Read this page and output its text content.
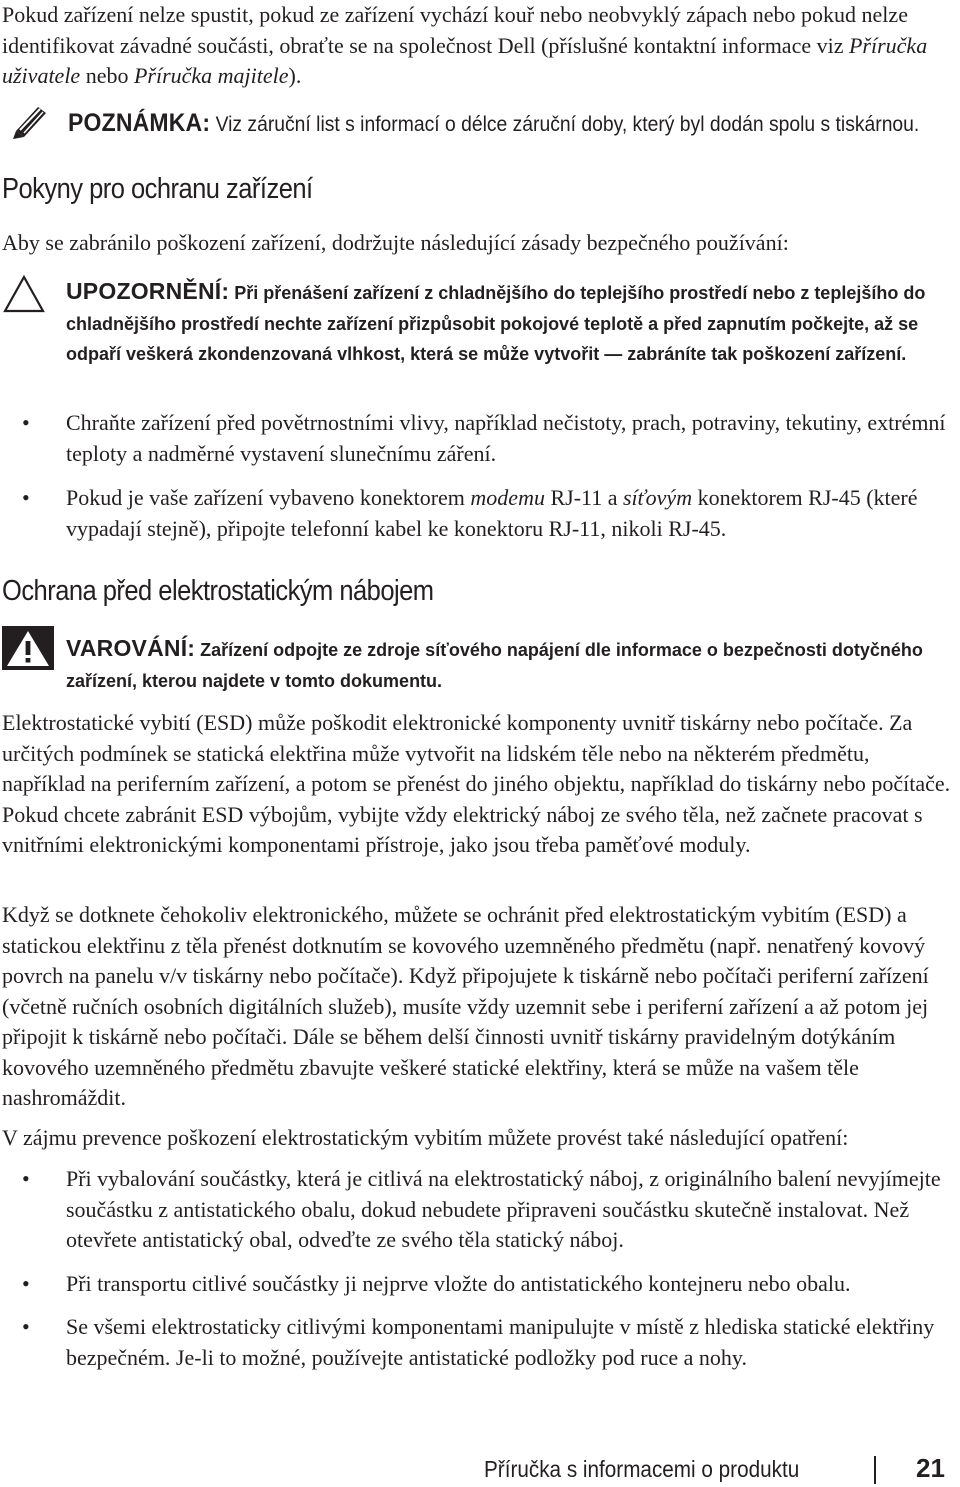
Pokud zařízení nelze spustit, pokud ze zařízení vychází kouř nebo neobvyklý zápach nebo pokud nelze identifikovat závadné součásti, obraťte se na společnost Dell (příslušné kontaktní informace viz Příručka uživatele nebo Příručka majitele).

POZNÁMKA: Viz záruční list s informací o délce záruční doby, který byl dodán spolu s tiskárnou.
Pokyny pro ochranu zařízení

Aby se zabránilo poškození zařízení, dodržujte následující zásady bezpečného používání:

UPOZORNĚNÍ: Při přenášení zařízení z chladnějšího do teplejšího prostředí nebo z teplejšího do chladnějšího prostředí nechte zařízení přizpůsobit pokojové teplotě a před zapnutím počkejte, až se odpaří veškerá zkondenzovaná vlhkost, která se může vytvořit — zabráníte tak poškození zařízení.
• Chraňte zařízení před povětrnostními vlivy, například nečistoty, prach, potraviny, tekutiny, extrémní teploty a nadměrné vystavení slunečnímu záření.
• Pokud je vaše zařízení vybaveno konektorem modemu RJ-11 a síťovým konektorem RJ-45 (které vypadají stejně), připojte telefonní kabel ke konektoru RJ-11, nikoli RJ-45.
Ochrana před elektrostatickým nábojem
VAROVÁNÍ: Zařízení odpojte ze zdroje síťového napájení dle informace o bezpečnosti dotyčného zařízení, kterou najdete v tomto dokumentu.

Elektrostatické vybití (ESD) může poškodit elektronické komponenty uvnitř tiskárny nebo počítače. Za určitých podmínek se statická elektřina může vytvořit na lidském těle nebo na některém předmětu, například na periferním zařízení, a potom se přenést do jiného objektu, například do tiskárny nebo počítače. Pokud chcete zabránit ESD výbojům, vybijte vždy elektrický náboj ze svého těla, než začnete pracovat s vnitřními elektronickými komponentami přístroje, jako jsou třeba paměťové moduly.

Když se dotknete čehokoliv elektronického, můžete se ochránit před elektrostatickým vybitím (ESD) a statickou elektřinu z těla přenést dotknutím se kovového uzemněného předmětu (např. nenatřený kovový povrch na panelu v/v tiskárny nebo počítače). Když připojujete k tiskárně nebo počítači periferní zařízení (včetně ručních osobních digitálních služeb), musíte vždy uzemnit sebe i periferní zařízení a až potom jej připojit k tiskárně nebo počítači. Dále se během delší činnosti uvnitř tiskárny pravidelným dotýkáním kovového uzemněného předmětu zbavujte veškeré statické elektřiny, která se může na vašem těle nashromáždit.

V zájmu prevence poškození elektrostatickým vybitím můžete provést také následující opatření:

• Při vybalování součástky, která je citlivá na elektrostatický náboj, z originálního balení nevyjímejte součástku z antistatického obalu, dokud nebudete připraveni součástku skutečně instalovat. Než otevřete antistatický obal, odveďte ze svého těla statický náboj.
• Při transportu citlivé součástky ji nejprve vložte do antistatického kontejneru nebo obalu.
• Se všemi elektrostaticky citlivými komponentami manipulujte v místě z hlediska statické elektřiny bezpečném. Je-li to možné, používejte antistatické podložky pod ruce a nohy.
Příručka s informacemi o produktu	21
